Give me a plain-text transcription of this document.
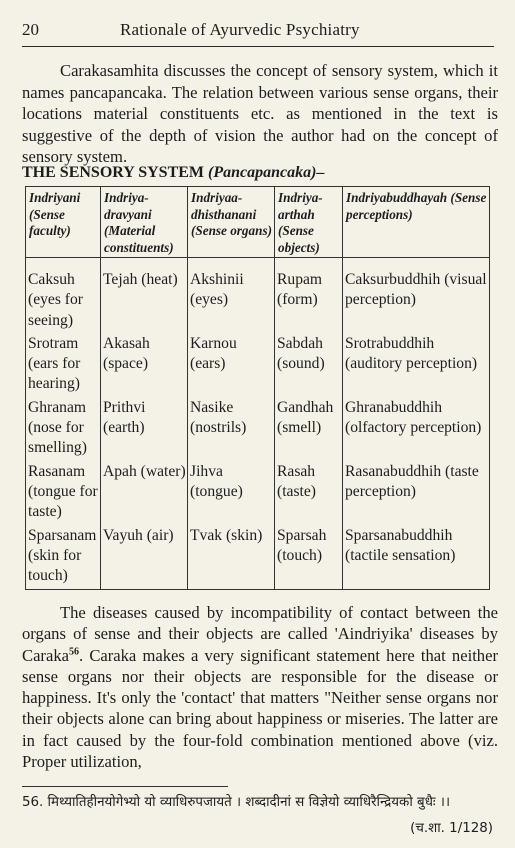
20	Rationale of Ayurvedic Psychiatry

Carakasamhita discusses the concept of sensory system, which it names pancapancaka. The relation between various sense organs, their locations material constituents etc. as mentioned in the text is suggestive of the depth of vision the author had on the concept of sensory system.

THE SENSORY SYSTEM (Pancapancaka)–
Indriyani (Sense faculty)	Indriya-dravyani (Material constituents)	Indriyaa-dhisthanani (Sense organs)	Indriya-arthah (Sense objects)	Indriyabuddhayah (Sense perceptions)

Caksuh (eyes for seeing)	Tejah (heat)	Akshinii (eyes)	Rupam (form)	Caksurbuddhih (visual perception)
Srotram (ears for hearing)	Akasah (space)	Karnou (ears)	Sabdah (sound)	Srotrabuddhih (auditory perception)
Ghranam (nose for smelling)	Prithvi (earth)	Nasike (nostrils)	Gandhah (smell)	Ghranabuddhih (olfactory perception)
Rasanam (tongue for taste)	Apah (water)	Jihva (tongue)	Rasah (taste)	Rasanabuddhih (taste perception)
Sparsanam (skin for touch)	Vayuh (air)	Tvak (skin)	Sparsah (touch)	Sparsanabuddhih (tactile sensation)

The diseases caused by incompatibility of contact between the organs of sense and their objects are called 'Aindriyika' diseases by Caraka$^{56}$. Caraka makes a very significant statement here that neither sense organs nor their objects are responsible for the disease or happiness. It's only the 'contact' that matters "Neither sense organs nor their objects alone can bring about happiness or miseries. The latter are in fact caused by the four-fold combination mentioned above (viz. Proper utilization,

56. मिथ्यातिहीनयोगेभ्यो यो व्याधिरुपजायते । शब्दादीनां स विज्ञेयो व्याधिरैन्द्रियको बुधैः ।।
(च.शा. 1/128)
